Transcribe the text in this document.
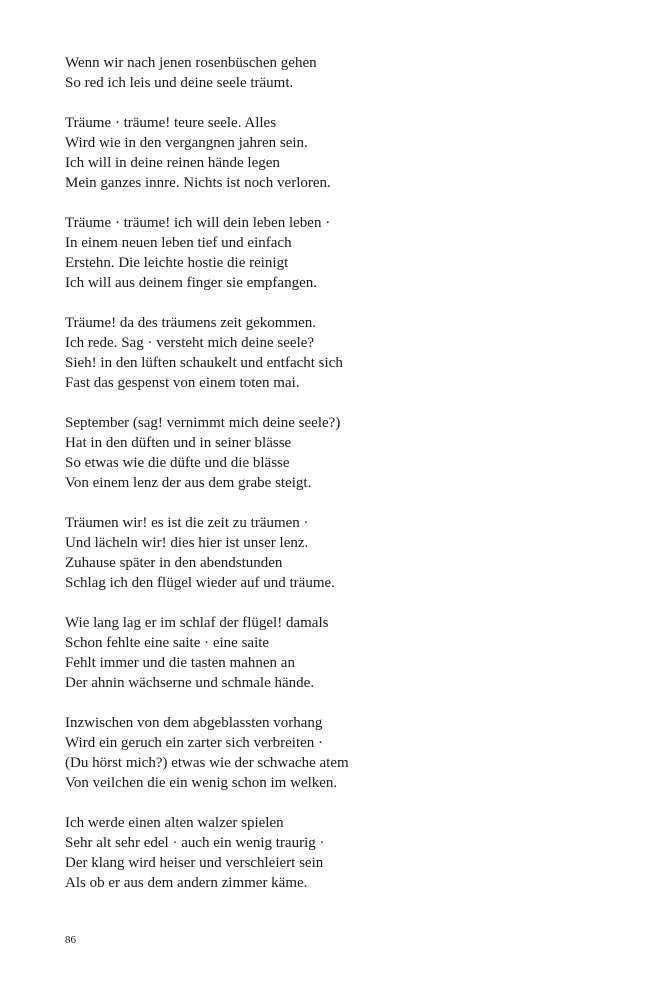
Wenn wir nach jenen rosenbüschen gehen
So red ich leis und deine seele träumt.
Träume · träume! teure seele. Alles
Wird wie in den vergangnen jahren sein.
Ich will in deine reinen hände legen
Mein ganzes innre. Nichts ist noch verloren.
Träume · träume! ich will dein leben leben ·
In einem neuen leben tief und einfach
Erstehn. Die leichte hostie die reinigt
Ich will aus deinem finger sie empfangen.
Träume! da des träumens zeit gekommen.
Ich rede. Sag · versteht mich deine seele?
Sieh! in den lüften schaukelt und entfacht sich
Fast das gespenst von einem toten mai.
September (sag! vernimmt mich deine seele?)
Hat in den düften und in seiner blässe
So etwas wie die düfte und die blässe
Von einem lenz der aus dem grabe steigt.
Träumen wir! es ist die zeit zu träumen ·
Und lächeln wir! dies hier ist unser lenz.
Zuhause später in den abendstunden
Schlag ich den flügel wieder auf und träume.
Wie lang lag er im schlaf der flügel! damals
Schon fehlte eine saite · eine saite
Fehlt immer und die tasten mahnen an
Der ahnin wächserne und schmale hände.
Inzwischen von dem abgeblassten vorhang
Wird ein geruch ein zarter sich verbreiten ·
(Du hörst mich?) etwas wie der schwache atem
Von veilchen die ein wenig schon im welken.
Ich werde einen alten walzer spielen
Sehr alt sehr edel · auch ein wenig traurig ·
Der klang wird heiser und verschleiert sein
Als ob er aus dem andern zimmer käme.
86
